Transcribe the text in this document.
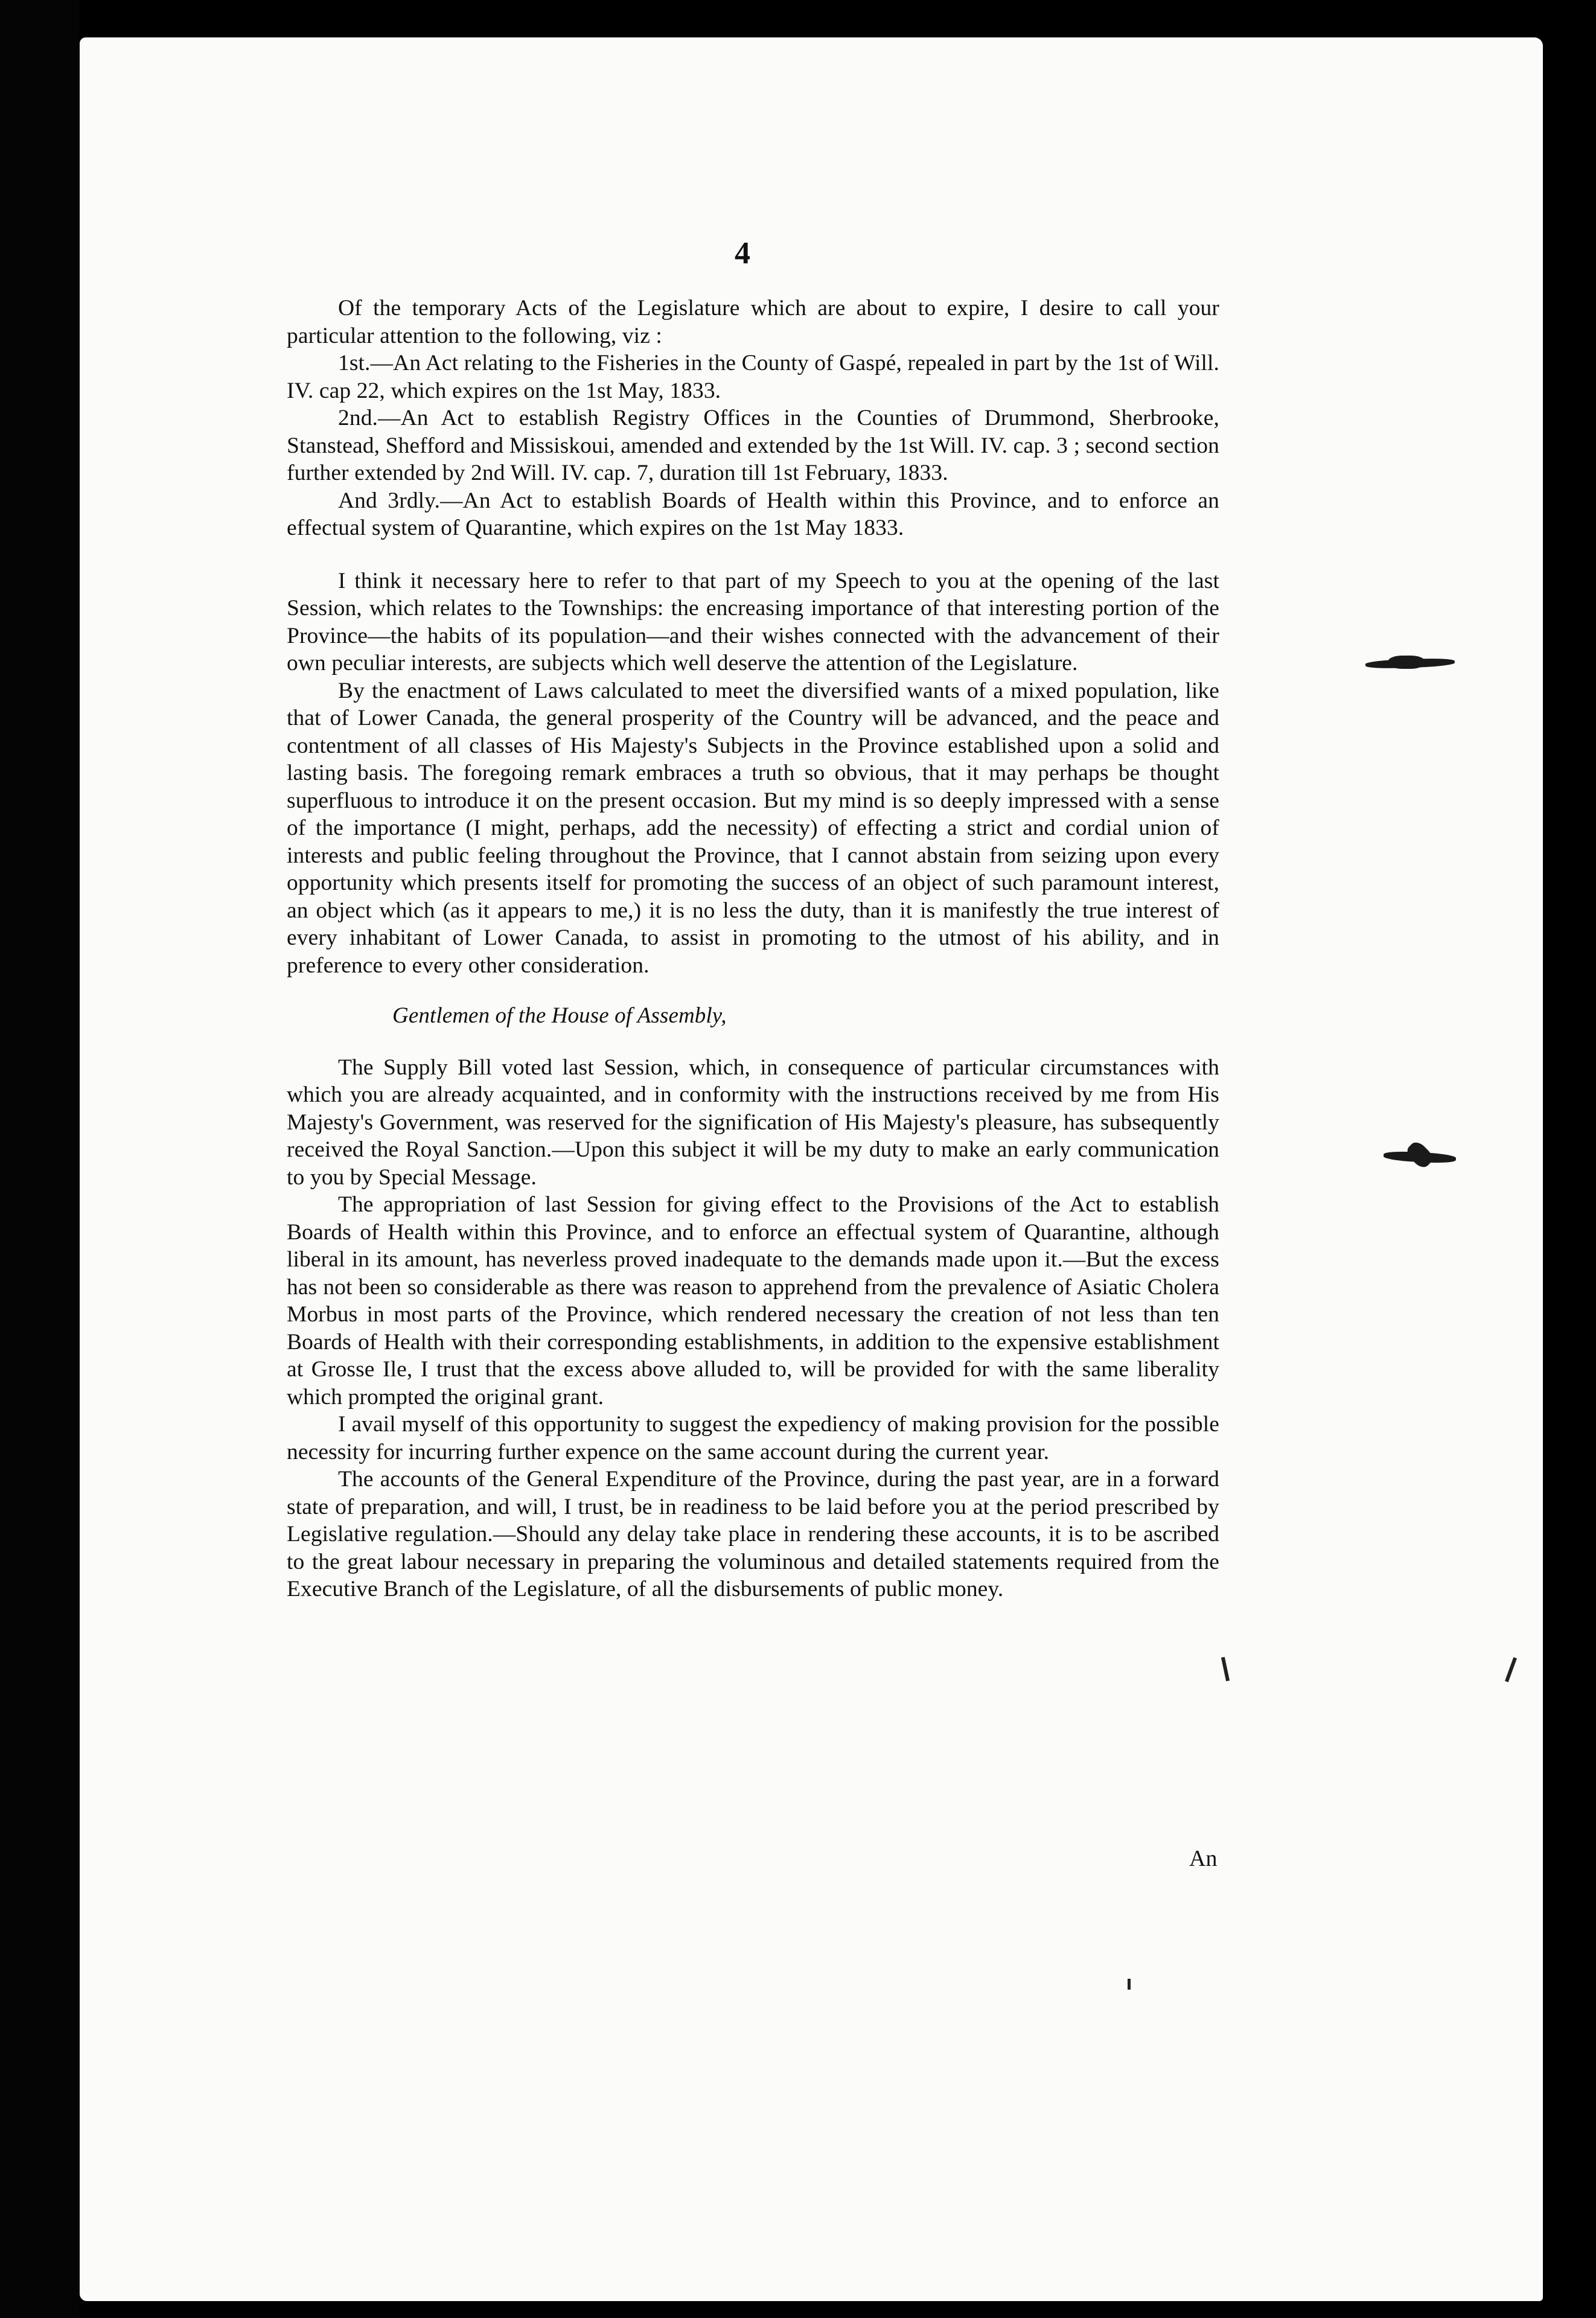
4

Of the temporary Acts of the Legislature which are about to expire, I desire to call your particular attention to the following, viz :

1st.—An Act relating to the Fisheries in the County of Gaspé, repealed in part by the 1st of Will. IV. cap 22, which expires on the 1st May, 1833.

2nd.—An Act to establish Registry Offices in the Counties of Drummond, Sherbrooke, Stanstead, Shefford and Missiskoui, amended and extended by the 1st Will. IV. cap. 3 ; second section further extended by 2nd Will. IV. cap. 7, duration till 1st February, 1833.

And 3rdly.—An Act to establish Boards of Health within this Province, and to enforce an effectual system of Quarantine, which expires on the 1st May 1833.

I think it necessary here to refer to that part of my Speech to you at the opening of the last Session, which relates to the Townships: the encreasing importance of that interesting portion of the Province—the habits of its population—and their wishes connected with the advancement of their own peculiar interests, are subjects which well deserve the attention of the Legislature.

By the enactment of Laws calculated to meet the diversified wants of a mixed population, like that of Lower Canada, the general prosperity of the Country will be advanced, and the peace and contentment of all classes of His Majesty's Subjects in the Province established upon a solid and lasting basis. The foregoing remark embraces a truth so obvious, that it may perhaps be thought superfluous to introduce it on the present occasion. But my mind is so deeply impressed with a sense of the importance (I might, perhaps, add the necessity) of effecting a strict and cordial union of interests and public feeling throughout the Province, that I cannot abstain from seizing upon every opportunity which presents itself for promoting the success of an object of such paramount interest, an object which (as it appears to me,) it is no less the duty, than it is manifestly the true interest of every inhabitant of Lower Canada, to assist in promoting to the utmost of his ability, and in preference to every other consideration.

Gentlemen of the House of Assembly,

The Supply Bill voted last Session, which, in consequence of particular circumstances with which you are already acquainted, and in conformity with the instructions received by me from His Majesty's Government, was reserved for the signification of His Majesty's pleasure, has subsequently received the Royal Sanction.—Upon this subject it will be my duty to make an early communication to you by Special Message.

The appropriation of last Session for giving effect to the Provisions of the Act to establish Boards of Health within this Province, and to enforce an effectual system of Quarantine, although liberal in its amount, has neverless proved inadequate to the demands made upon it.—But the excess has not been so considerable as there was reason to apprehend from the prevalence of Asiatic Cholera Morbus in most parts of the Province, which rendered necessary the creation of not less than ten Boards of Health with their corresponding establishments, in addition to the expensive establishment at Grosse Ile, I trust that the excess above alluded to, will be provided for with the same liberality which prompted the original grant.

I avail myself of this opportunity to suggest the expediency of making provision for the possible necessity for incurring further expence on the same account during the current year.

The accounts of the General Expenditure of the Province, during the past year, are in a forward state of preparation, and will, I trust, be in readiness to be laid before you at the period prescribed by Legislative regulation.—Should any delay take place in rendering these accounts, it is to be ascribed to the great labour necessary in preparing the voluminous and detailed statements required from the Executive Branch of the Legislature, of all the disbursements of public money.

An
